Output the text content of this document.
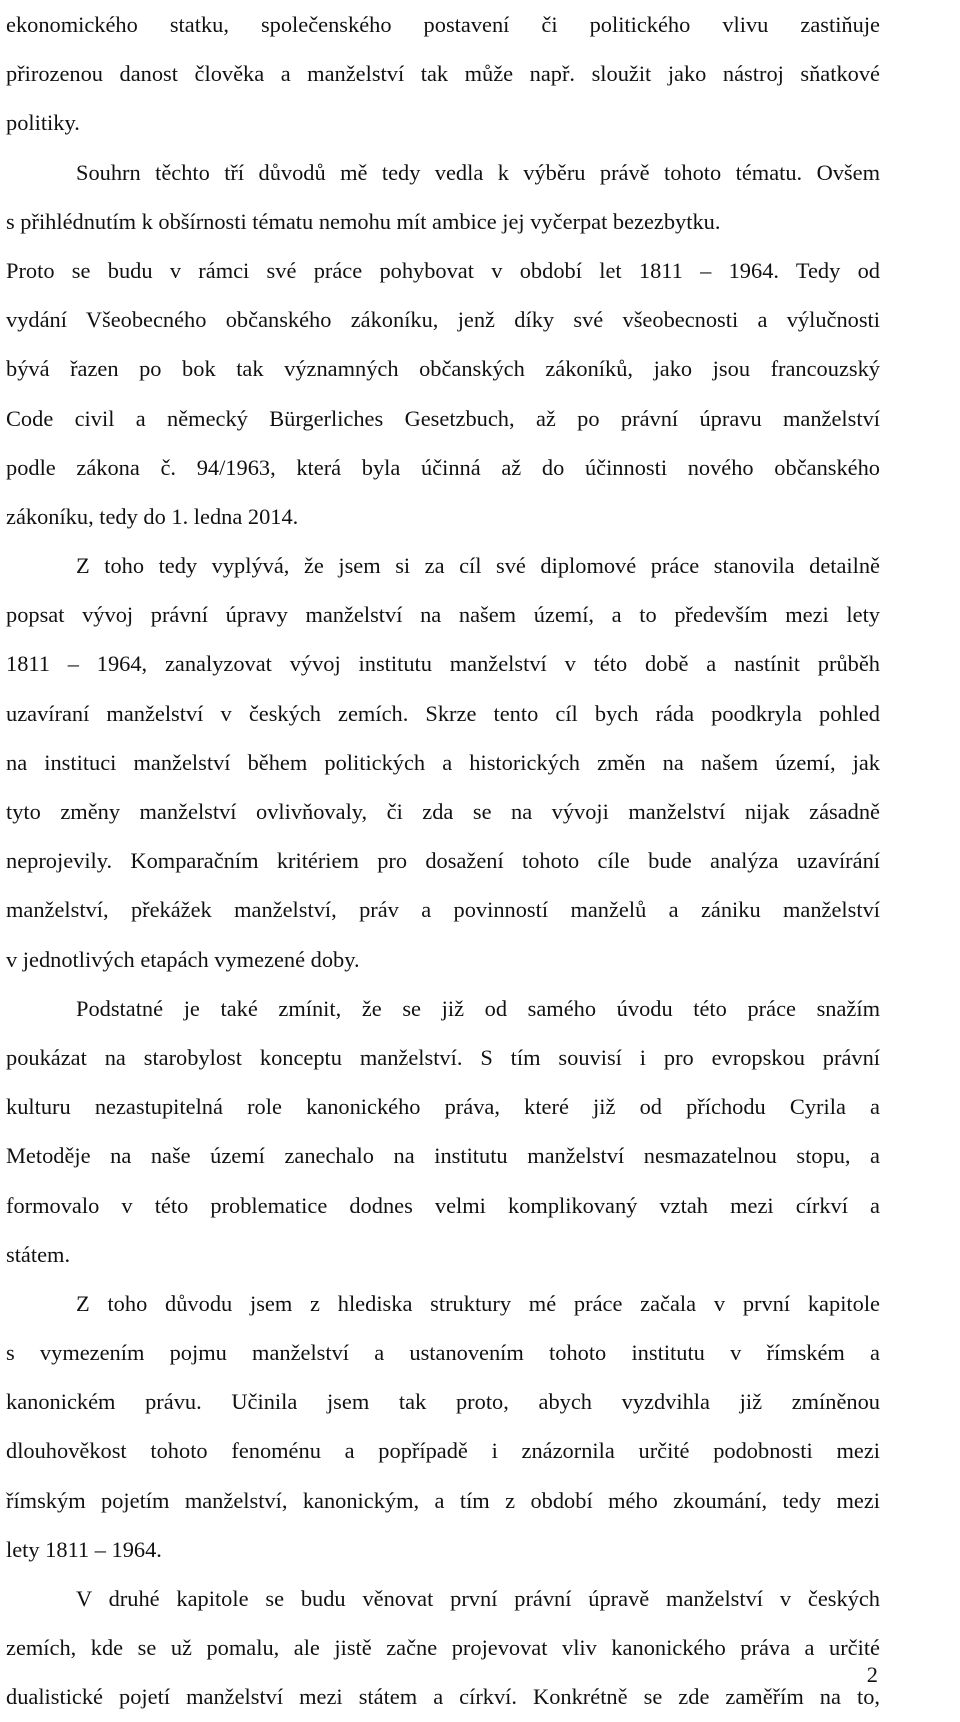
ekonomického statku, společenského postavení či politického vlivu zastiňuje
přirozenou danost člověka a manželství tak může např. sloužit jako nástroj sňatkové
politiky.
Souhrn těchto tří důvodů mě tedy vedla k výběru právě tohoto tématu. Ovšem
s přihlédnutím k obšírnosti tématu nemohu mít ambice jej vyčerpat bezezbytku.
Proto se budu v rámci své práce pohybovat v období let 1811 – 1964. Tedy od
vydání Všeobecného občanského zákoníku, jenž díky své všeobecnosti a výlučnosti
bývá řazen po bok tak významných občanských zákoníků, jako jsou francouzský
Code civil a německý Bürgerliches Gesetzbuch, až po právní úpravu manželství
podle zákona č. 94/1963, která byla účinná až do účinnosti nového občanského
zákoníku, tedy do 1. ledna 2014.
Z toho tedy vyplývá, že jsem si za cíl své diplomové práce stanovila detailně
popsat vývoj právní úpravy manželství na našem území, a to především mezi lety
1811 – 1964, zanalyzovat vývoj institutu manželství v této době a nastínit průběh
uzavíraní manželství v českých zemích. Skrze tento cíl bych ráda poodkryla pohled
na instituci manželství během politických a historických změn na našem území, jak
tyto změny manželství ovlivňovaly, či zda se na vývoji manželství nijak zásadně
neprojevily. Komparačním kritériem pro dosažení tohoto cíle bude analýza uzavírání
manželství, překážek manželství, práv a povinností manželů a zániku manželství
v jednotlivých etapách vymezené doby.
Podstatné je také zmínit, že se již od samého úvodu této práce snažím
poukázat na starobylost konceptu manželství. S tím souvisí i pro evropskou právní
kulturu nezastupitelná role kanonického práva, které již od příchodu Cyrila a
Metoděje na naše území zanechalo na institutu manželství nesmazatelnou stopu, a
formovalo v této problematice dodnes velmi komplikovaný vztah mezi církví a
státem.
Z toho důvodu jsem z hlediska struktury mé práce začala v první kapitole
s vymezením pojmu manželství a ustanovením tohoto institutu v římském a
kanonickém právu. Učinila jsem tak proto, abych vyzdvihla již zmíněnou
dlouhověkost tohoto fenoménu a popřípadě i znázornila určité podobnosti mezi
římským pojetím manželství, kanonickým, a tím z období mého zkoumání, tedy mezi
lety 1811 – 1964.
V druhé kapitole se budu věnovat první právní úpravě manželství v českých
zemích, kde se už pomalu, ale jistě začne projevovat vliv kanonického práva a určité
dualistické pojetí manželství mezi státem a církví. Konkrétně se zde zaměřím na to,
2
